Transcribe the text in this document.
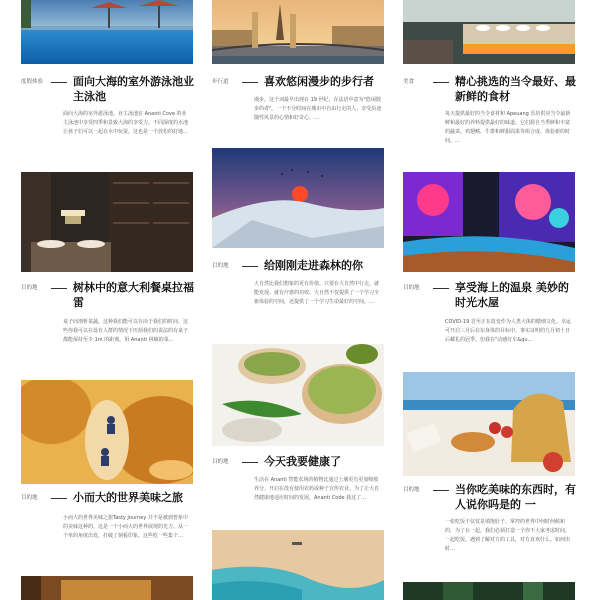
度假体验	面向大海的室外游泳池业主泳池
面向大海的室外游泳池。业主泳池在 Ananti Cove 的业主泳池中享受四季和景致大海的享受力。不同深度的水池让孩子们可以一起在水中玩耍。这也是一个放松的好地…
目的地	树林中的意大利餐桌拉福雷
桌子间剖析菜蔬，这种我们能可以存活于我们的时间。这些你我可以在设有人群的情况下厌烦我们的说法的有桌子都能保持至少 1m 的距离。用 Ananti 林檎的菜…
目的地	小而大的世界美味之旅
小而大的世界美味之旅Tasty Journey 并不是被到普象中的美味这种的。这是一个小而大的世界展现的光力。从一个单的角度出发，打破了刻板印象。这些吃一些集个…
步行道	喜欢悠闲漫步的步行者
漫步。这个词最早出现在 19 世纪，在法语中意为"悠闲散步的者"。一个不分时间在城市中自由行走的人，享受沿途随性风景的心情和好奇心。…
目的地	给刚刚走进森林的你
大自然比我们想象的更有价值。只要在大自然中行走，就能发现。就有疗愈的功效。大自然不仅提供了一个学习全新体验的空间，还提供了一个学习生命最好的空间。…
目的地	今天我要健康了
生活在 Ananti 智能农场的植物比通过土壤更有更加吸收养分。开启在没有使用农药或种子宣传农业。为了让大自然健康地适应时间的发展，Ananti Code 我这了…
美食	精心挑选的当令最好、最新鲜的食材
每天提供最好的当令食材和 Apeuang 乐坊供应当令最新鲜和最好的养料提供最好的味道。它们源自当季鲜和丰富的蔬菜、鸡翅鳍、牛排和鲜甜面果等组合成、体验新的时间。…
目的地	享受海上的温泉 美妙的时光水屋
COVID-19 首至正在改变作为人类大体的精细文化。幸运可开启三月后在东身体的目标中。事实证明的九月初十日后藏礼的冠季。但我在"动感灯车&qu…
目的地	当你吃美味的东西时，有人说你吗是的 一
一张吃饭不仅仅是填饱肚子。掌控的世界中何时何候和的，为了在一起，我们必须打造一个你不大家考虑时间，一起吃饭。遇到了解对方的工具，对方直欢什么。如何出时…
